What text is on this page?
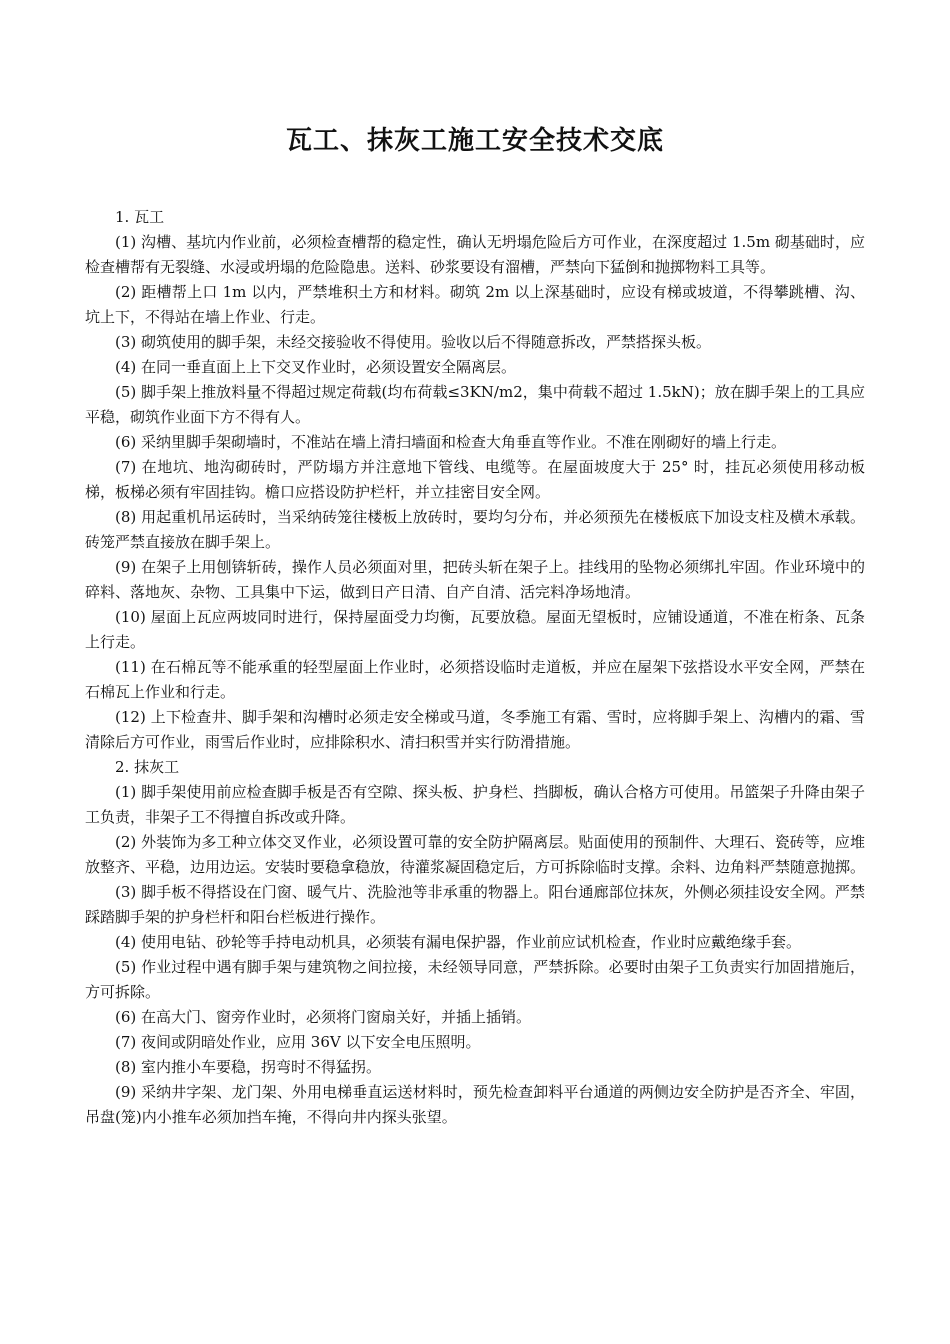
瓦工、抹灰工施工安全技术交底

1. 瓦工

(1) 沟槽、基坑内作业前，必须检查槽帮的稳定性，确认无坍塌危险后方可作业，在深度超过 1.5m 砌基础时，应检查槽帮有无裂缝、水浸或坍塌的危险隐患。送料、砂浆要设有溜槽，严禁向下猛倒和抛掷物料工具等。

(2) 距槽帮上口 1m 以内，严禁堆积土方和材料。砌筑 2m 以上深基础时，应设有梯或坡道，不得攀跳槽、沟、坑上下，不得站在墙上作业、行走。

(3) 砌筑使用的脚手架，未经交接验收不得使用。验收以后不得随意拆改，严禁搭探头板。

(4) 在同一垂直面上上下交叉作业时，必须设置安全隔离层。

(5) 脚手架上推放料量不得超过规定荷载(均布荷载≤3KN/m2，集中荷载不超过 1.5kN)；放在脚手架上的工具应平稳，砌筑作业面下方不得有人。

(6) 采纳里脚手架砌墙时，不准站在墙上清扫墙面和检查大角垂直等作业。不准在刚砌好的墙上行走。

(7) 在地坑、地沟砌砖时，严防塌方并注意地下管线、电缆等。在屋面坡度大于 25° 时，挂瓦必须使用移动板梯，板梯必须有牢固挂钩。檐口应搭设防护栏杆，并立挂密目安全网。

(8) 用起重机吊运砖时，当采纳砖笼往楼板上放砖时，要均匀分布，并必须预先在楼板底下加设支柱及横木承载。砖笼严禁直接放在脚手架上。

(9) 在架子上用刨锛斩砖，操作人员必须面对里，把砖头斩在架子上。挂线用的坠物必须绑扎牢固。作业环境中的碎料、落地灰、杂物、工具集中下运，做到日产日清、自产自清、活完料净场地清。

(10) 屋面上瓦应两坡同时进行，保持屋面受力均衡，瓦要放稳。屋面无望板时，应铺设通道，不准在桁条、瓦条上行走。

(11) 在石棉瓦等不能承重的轻型屋面上作业时，必须搭设临时走道板，并应在屋架下弦搭设水平安全网，严禁在石棉瓦上作业和行走。

(12) 上下检查井、脚手架和沟槽时必须走安全梯或马道，冬季施工有霜、雪时，应将脚手架上、沟槽内的霜、雪清除后方可作业，雨雪后作业时，应排除积水、清扫积雪并实行防滑措施。

2. 抹灰工

(1) 脚手架使用前应检查脚手板是否有空隙、探头板、护身栏、挡脚板，确认合格方可使用。吊篮架子升降由架子工负责，非架子工不得擅自拆改或升降。

(2) 外装饰为多工种立体交叉作业，必须设置可靠的安全防护隔离层。贴面使用的预制件、大理石、瓷砖等，应堆放整齐、平稳，边用边运。安装时要稳拿稳放，待灌浆凝固稳定后，方可拆除临时支撑。余料、边角料严禁随意抛掷。

(3) 脚手板不得搭设在门窗、暖气片、洗脸池等非承重的物器上。阳台通廊部位抹灰，外侧必须挂设安全网。严禁踩踏脚手架的护身栏杆和阳台栏板进行操作。

(4) 使用电钻、砂轮等手持电动机具，必须装有漏电保护器，作业前应试机检查，作业时应戴绝缘手套。

(5) 作业过程中遇有脚手架与建筑物之间拉接，未经领导同意，严禁拆除。必要时由架子工负责实行加固措施后，方可拆除。

(6) 在高大门、窗旁作业时，必须将门窗扇关好，并插上插销。

(7) 夜间或阴暗处作业，应用 36V 以下安全电压照明。

(8) 室内推小车要稳，拐弯时不得猛拐。

(9) 采纳井字架、龙门架、外用电梯垂直运送材料时，预先检查卸料平台通道的两侧边安全防护是否齐全、牢固，吊盘(笼)内小推车必须加挡车掩，不得向井内探头张望。
